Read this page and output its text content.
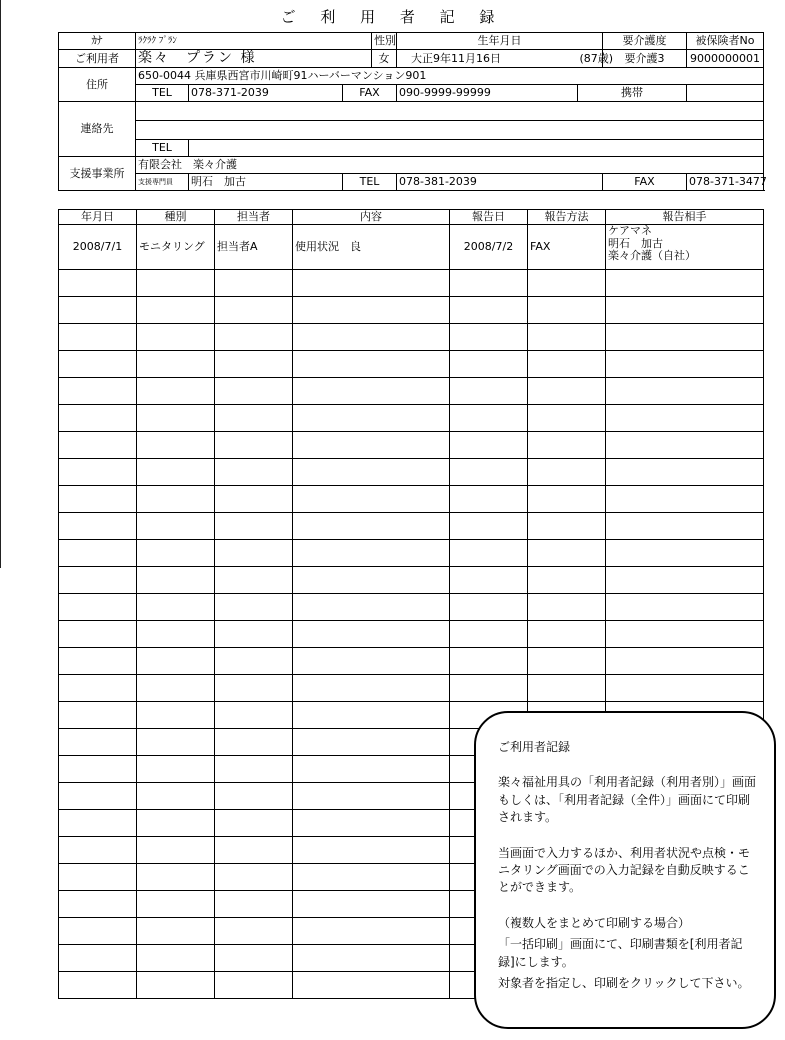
ご 利 用 者 記 録
ｶﾅ	ﾗｸﾗｸ ﾌﾟﾗﾝ			性別	生年月日		要介護度	被保険者No
ご利用者	楽々　プラン 様			女	大正9年11月16日	(87歳)	要介護3	9000000001
住所	650-0044 兵庫県西宮市川崎町91ハーバーマンション901							
	TEL	078-371-2039	FAX		090-9999-99999	携帯		
連絡先								

	TEL							
支援事業所	有限会社　楽々介護							
	支援専門員	明石　加古	TEL		078-381-2039		FAX	078-371-3477
年月日	種別	担当者	内容	報告日	報告方法	報告相手
2008/7/1	モニタリング	担当者A	使用状況　良	2008/7/2	FAX	ケアマネ
明石　加古
楽々介護（自社）

ご利用者記録

楽々福祉用具の「利用者記録（利用者別）」画面もしくは、「利用者記録（全件）」画面にて印刷されます。

当画面で入力するほか、利用者状況や点検・モニタリング画面での入力記録を自動反映することができます。

（複数人をまとめて印刷する場合）

「一括印刷」画面にて、印刷書類を[利用者記録]にします。

対象者を指定し、印刷をクリックして下さい。
